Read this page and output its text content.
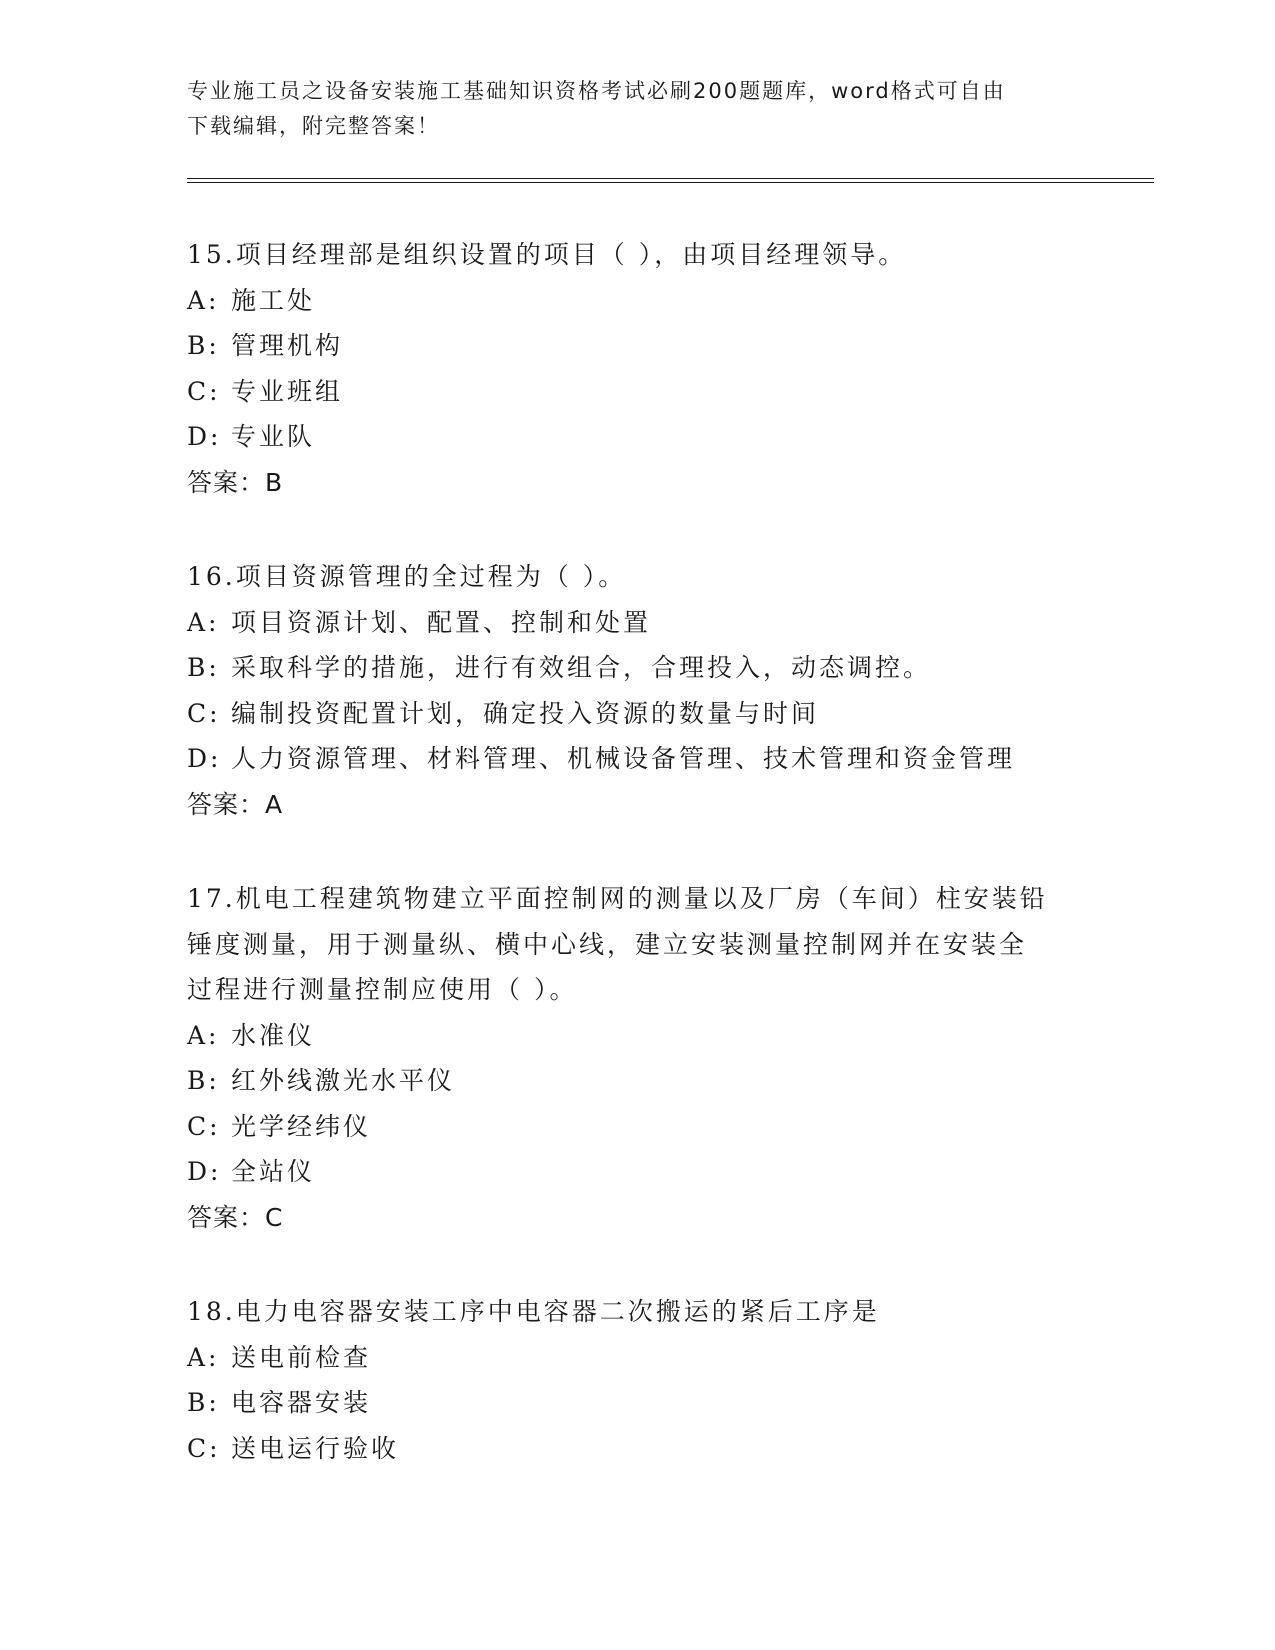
专业施工员之设备安装施工基础知识资格考试必刷200题题库，word格式可自由
下载编辑，附完整答案！
15.项目经理部是组织设置的项目（ ），由项目经理领导。
A: 施工处
B: 管理机构
C: 专业班组
D: 专业队
答案：B
16.项目资源管理的全过程为（ ）。
A: 项目资源计划、配置、控制和处置
B: 采取科学的措施，进行有效组合，合理投入，动态调控。
C: 编制投资配置计划，确定投入资源的数量与时间
D: 人力资源管理、材料管理、机械设备管理、技术管理和资金管理
答案：A
17.机电工程建筑物建立平面控制网的测量以及厂房（车间）柱安装铅
锤度测量，用于测量纵、横中心线，建立安装测量控制网并在安装全
过程进行测量控制应使用（ ）。
A: 水准仪
B: 红外线激光水平仪
C: 光学经纬仪
D: 全站仪
答案：C
18.电力电容器安装工序中电容器二次搬运的紧后工序是
A: 送电前检查
B: 电容器安装
C: 送电运行验收
